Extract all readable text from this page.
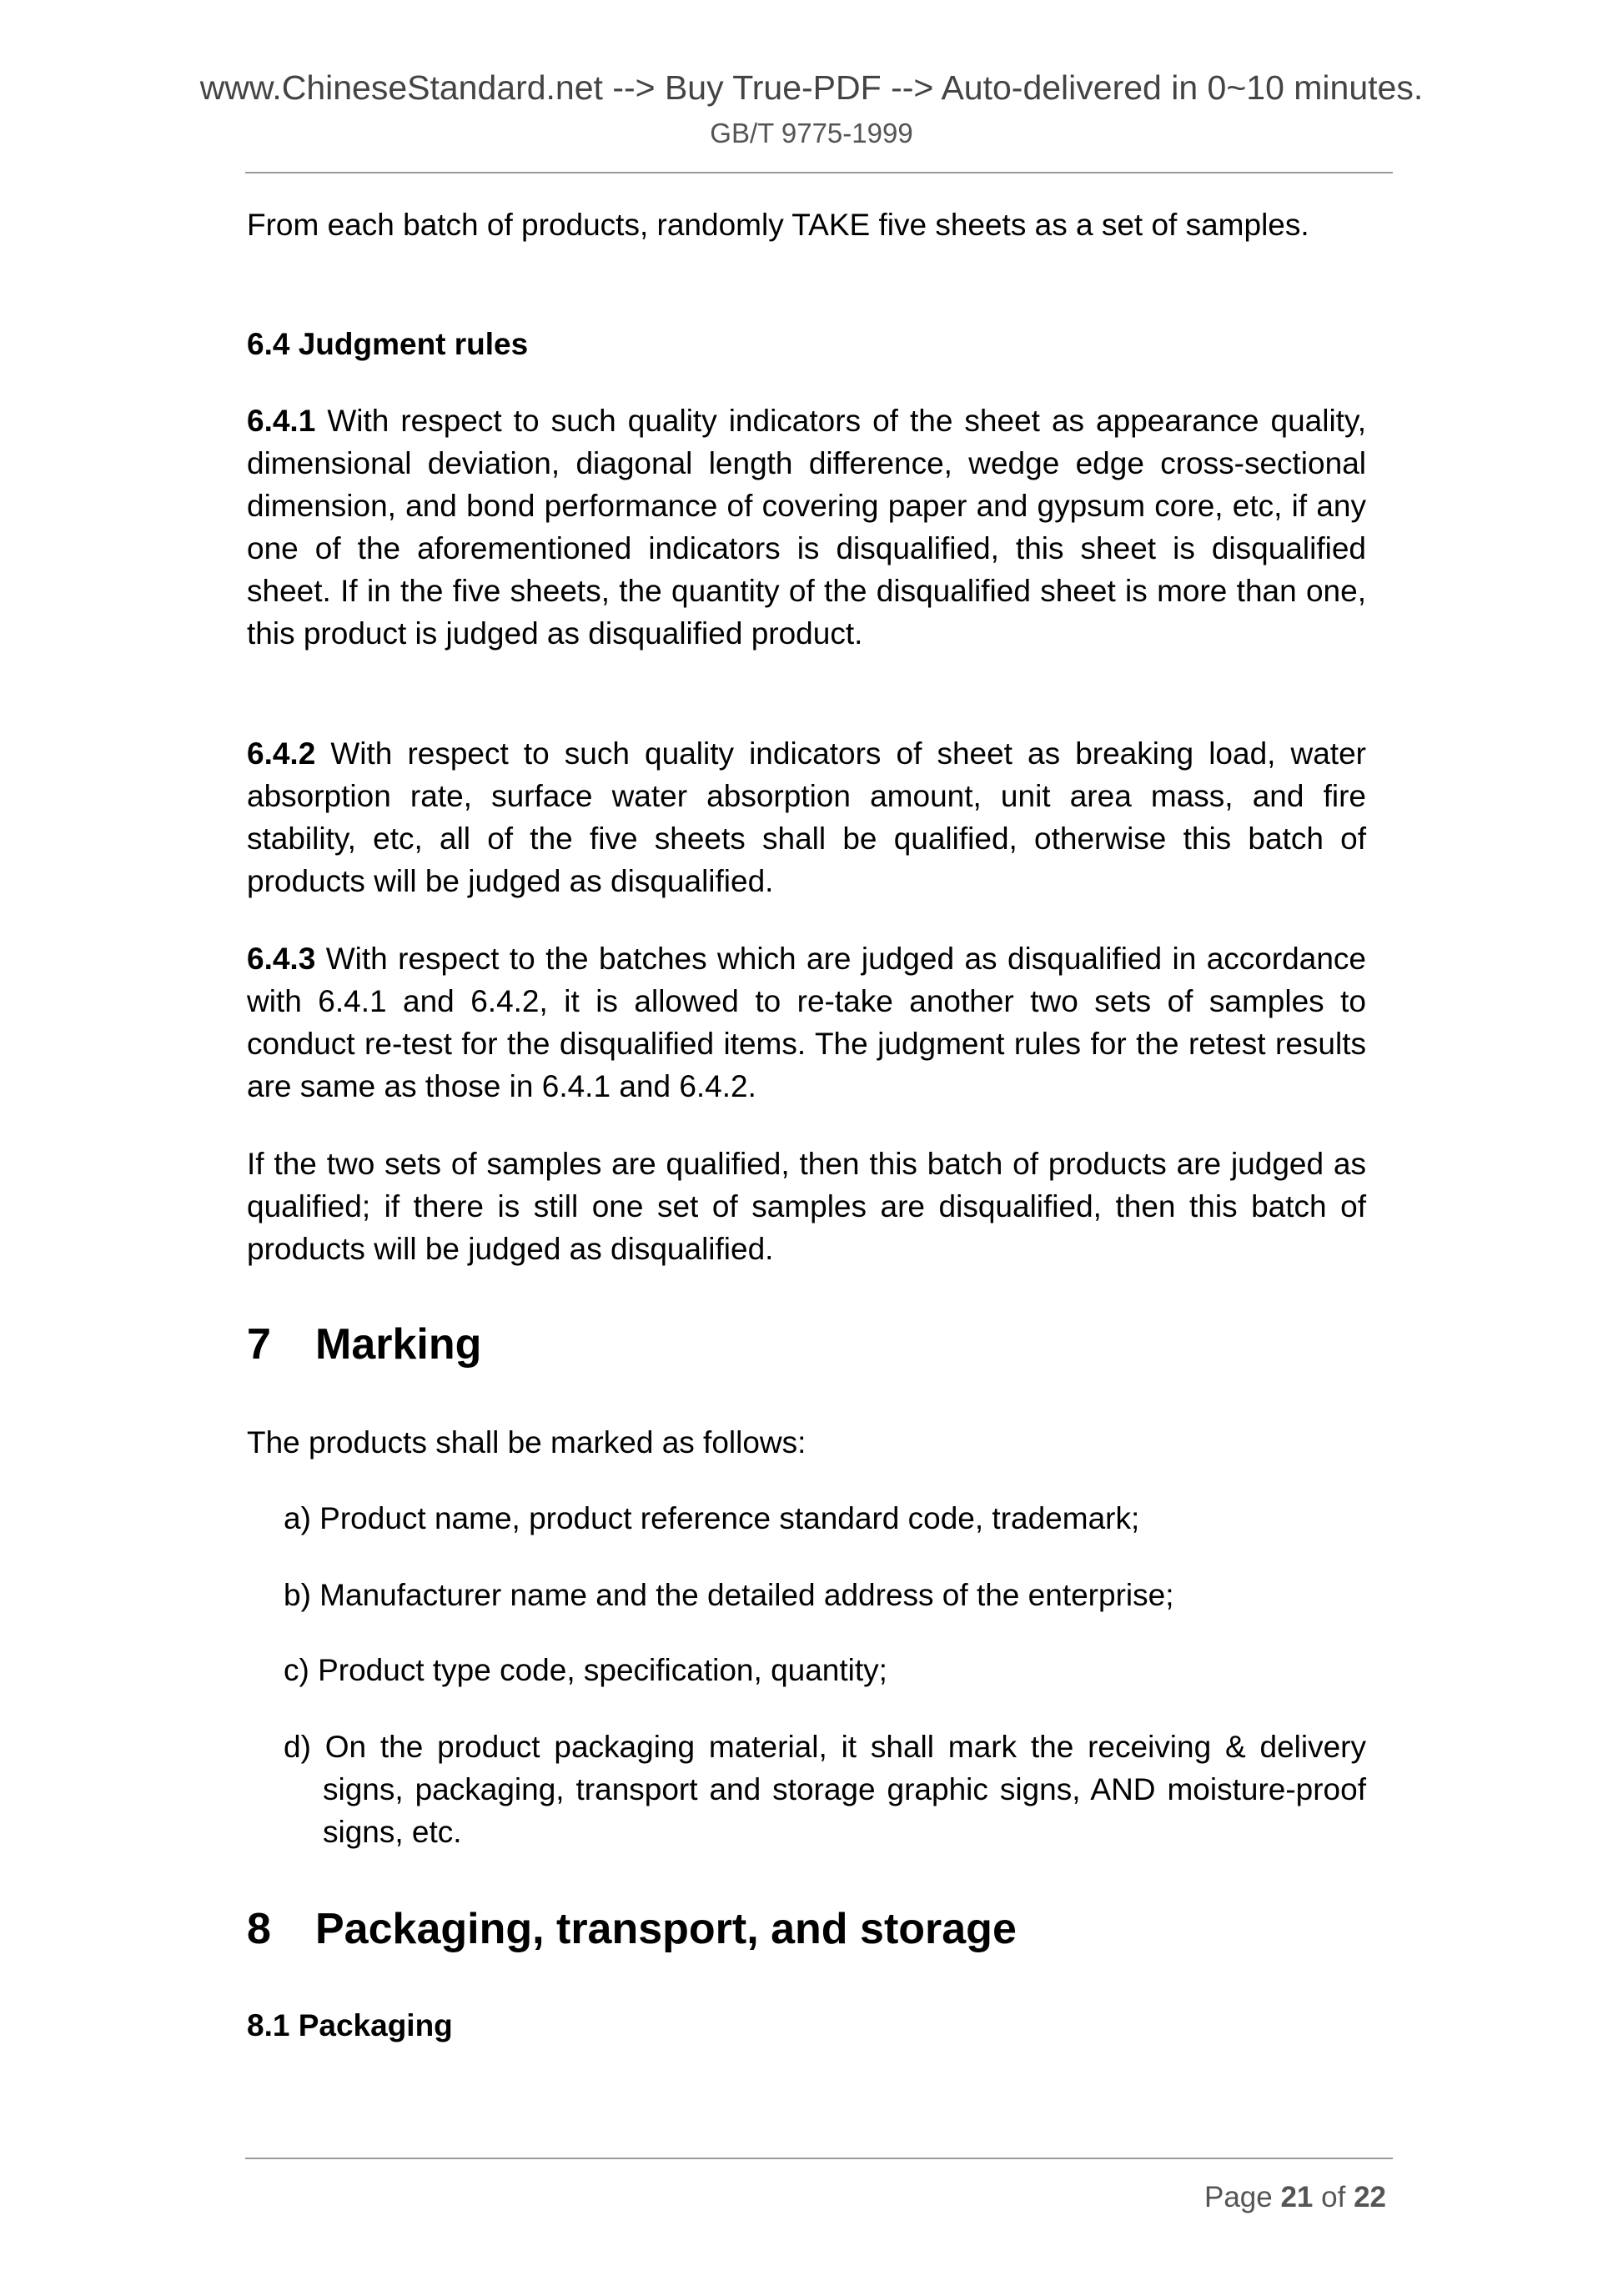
www.ChineseStandard.net --> Buy True-PDF --> Auto-delivered in 0~10 minutes.
GB/T 9775-1999
From each batch of products, randomly TAKE five sheets as a set of samples.
6.4 Judgment rules
6.4.1 With respect to such quality indicators of the sheet as appearance quality, dimensional deviation, diagonal length difference, wedge edge cross-sectional dimension, and bond performance of covering paper and gypsum core, etc, if any one of the aforementioned indicators is disqualified, this sheet is disqualified sheet. If in the five sheets, the quantity of the disqualified sheet is more than one, this product is judged as disqualified product.
6.4.2 With respect to such quality indicators of sheet as breaking load, water absorption rate, surface water absorption amount, unit area mass, and fire stability, etc, all of the five sheets shall be qualified, otherwise this batch of products will be judged as disqualified.
6.4.3 With respect to the batches which are judged as disqualified in accordance with 6.4.1 and 6.4.2, it is allowed to re-take another two sets of samples to conduct re-test for the disqualified items. The judgment rules for the retest results are same as those in 6.4.1 and 6.4.2.
If the two sets of samples are qualified, then this batch of products are judged as qualified; if there is still one set of samples are disqualified, then this batch of products will be judged as disqualified.
7 Marking
The products shall be marked as follows:
a) Product name, product reference standard code, trademark;
b) Manufacturer name and the detailed address of the enterprise;
c) Product type code, specification, quantity;
d) On the product packaging material, it shall mark the receiving & delivery signs, packaging, transport and storage graphic signs, AND moisture-proof signs, etc.
8 Packaging, transport, and storage
8.1 Packaging
Page 21 of 22
